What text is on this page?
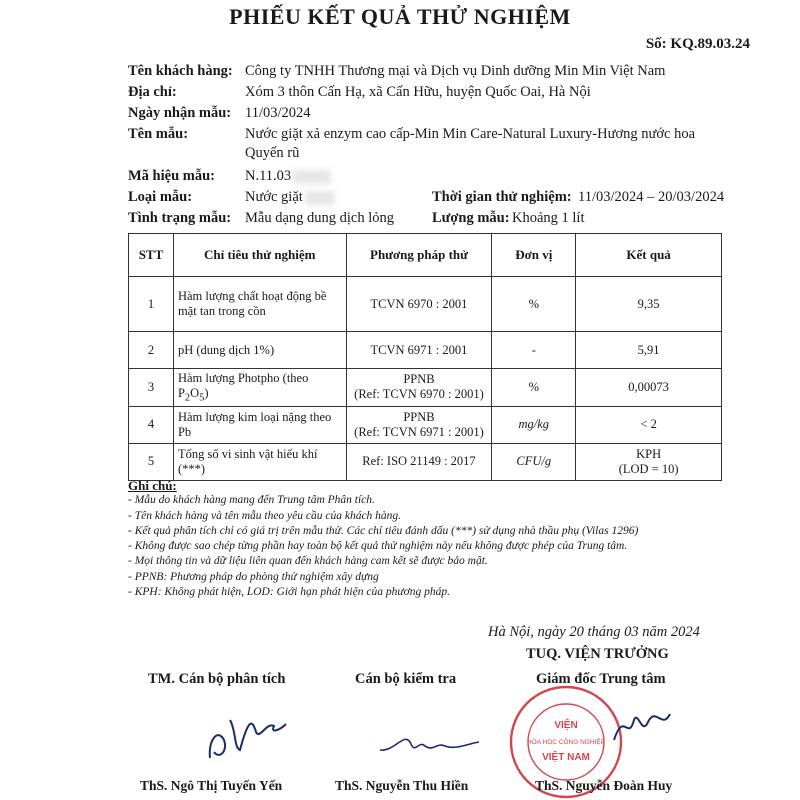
PHIẾU KẾT QUẢ THỬ NGHIỆM
Số: KQ.89.03.24
Tên khách hàng: Công ty TNHH Thương mại và Dịch vụ Dinh dưỡng Min Min Việt Nam
Địa chỉ:	Xóm 3 thôn Cấn Hạ, xã Cấn Hữu, huyện Quốc Oai, Hà Nội
Ngày nhận mẫu: 11/03/2024
Tên mẫu:	Nước giặt xả enzym cao cấp-Min Min Care-Natural Luxury-Hương nước hoa
Quyến rũ
Mã hiệu mẫu: N.11.03
Loại mẫu:	Nước giặt	Thời gian thử nghiệm: 11/03/2024 – 20/03/2024
Tình trạng mẫu: Mẫu dạng dung dịch lỏng	Lượng mẫu: Khoảng 1 lít
STT	Chỉ tiêu thử nghiệm	Phương pháp thử	Đơn vị	Kết quả
1	Hàm lượng chất hoạt động bề mặt tan trong cồn	TCVN 6970 : 2001	%	9,35
2	pH (dung dịch 1%)	TCVN 6971 : 2001	-	5,91
3	Hàm lượng Photpho (theo $P_2O_5$)	PPNB
(Ref: TCVN 6970 : 2001)	%	0,00073
4	Hàm lượng kim loại nặng theo Pb	PPNB
(Ref: TCVN 6971 : 2001)	mg/kg	< 2
5	Tổng số vi sinh vật hiếu khí (***)	Ref: ISO 21149 : 2017	CFU/g	KPH
(LOD = 10)
Ghi chú:
- Mẫu do khách hàng mang đến Trung tâm Phân tích.
- Tên khách hàng và tên mẫu theo yêu cầu của khách hàng.
- Kết quả phân tích chỉ có giá trị trên mẫu thử. Các chỉ tiêu đánh dấu (***) sử dụng nhà thầu phụ (Vilas 1296)
- Không được sao chép từng phần hay toàn bộ kết quả thử nghiệm này nếu không được phép của Trung tâm.
- Mọi thông tin và dữ liệu liên quan đến khách hàng cam kết sẽ được bảo mật.
- PPNB: Phương pháp do phòng thử nghiệm xây dựng
- KPH: Không phát hiện, LOD: Giới hạn phát hiện của phương pháp.
Hà Nội, ngày 20 tháng 03 năm 2024
TUQ. VIỆN TRƯỞNG
TM. Cán bộ phân tích	Cán bộ kiểm tra	Giám đốc Trung tâm
VIỆN
HÓA HỌC CÔNG NGHIỆP
VIỆT NAM
ThS. Ngô Thị Tuyến Yến	ThS. Nguyễn Thu Hiền	ThS. Nguyễn Đoàn Huy
